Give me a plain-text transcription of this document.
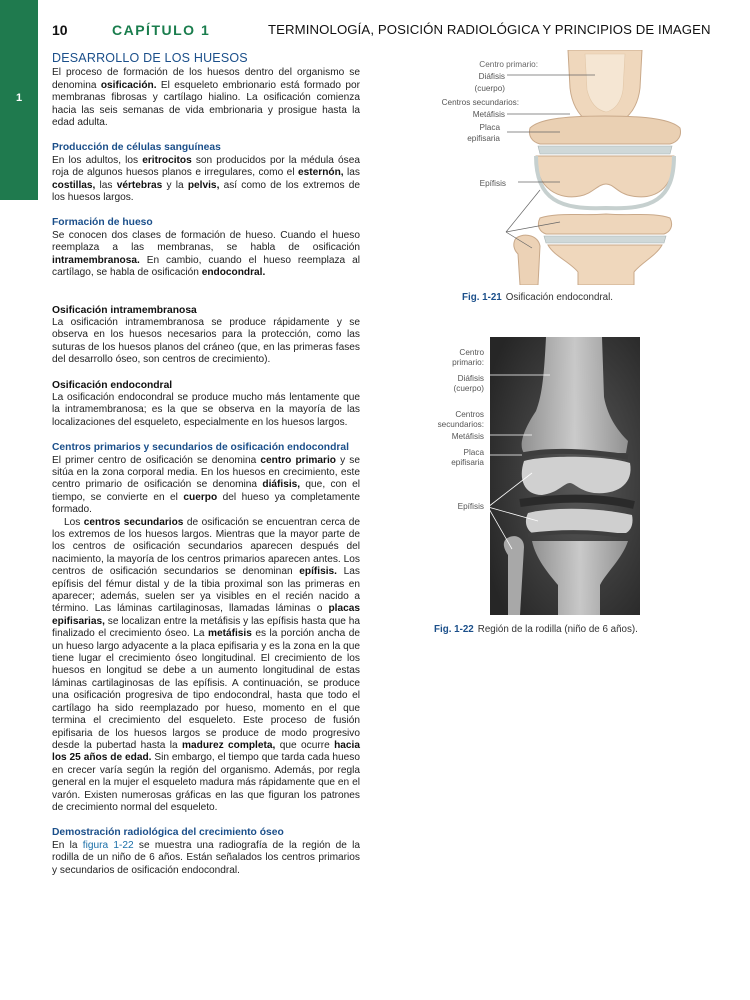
1
10	CAPÍTULO 1	TERMINOLOGÍA, POSICIÓN RADIOLÓGICA Y PRINCIPIOS DE IMAGEN
DESARROLLO DE LOS HUESOS

El proceso de formación de los huesos dentro del organismo se denomina osificación. El esqueleto embrionario está formado por membranas fibrosas y cartílago hialino. La osificación comienza hacia las seis semanas de vida embrionaria y prosigue hasta la edad adulta.

Producción de células sanguíneas

En los adultos, los eritrocitos son producidos por la médula ósea roja de algunos huesos planos e irregulares, como el esternón, las costillas, las vértebras y la pelvis, así como de los extremos de los huesos largos.

Formación de hueso

Se conocen dos clases de formación de hueso. Cuando el hueso reemplaza a las membranas, se habla de osificación intramembranosa. En cambio, cuando el hueso reemplaza al cartílago, se habla de osificación endocondral.

Osificación intramembranosa

La osificación intramembranosa se produce rápidamente y se observa en los huesos necesarios para la protección, como las suturas de los huesos planos del cráneo (que, en las primeras fases del desarrollo óseo, son centros de crecimiento).

Osificación endocondral

La osificación endocondral se produce mucho más lentamente que la intramembranosa; es la que se observa en la mayoría de las localizaciones del esqueleto, especialmente en los huesos largos.

Centros primarios y secundarios de osificación endocondral

El primer centro de osificación se denomina centro primario y se sitúa en la zona corporal media. En los huesos en crecimiento, este centro primario de osificación se denomina diáfisis, que, con el tiempo, se convierte en el cuerpo del hueso ya completamente formado.

Los centros secundarios de osificación se encuentran cerca de los extremos de los huesos largos. Mientras que la mayor parte de los centros de osificación secundarios aparecen después del nacimiento, la mayoría de los centros primarios aparecen antes. Los centros de osificación secundarios se denominan epífisis. Las epífisis del fémur distal y de la tibia proximal son las primeras en aparecer; además, suelen ser ya visibles en el recién nacido a término. Las láminas cartilaginosas, llamadas láminas o placas epifisarias, se localizan entre la metáfisis y las epífisis hasta que ha finalizado el crecimiento óseo. La metáfisis es la porción ancha de un hueso largo adyacente a la placa epifisaria y es la zona en la que tiene lugar el crecimiento óseo longitudinal. El crecimiento de los huesos en longitud se debe a un aumento longitudinal de estas láminas cartilaginosas de las epífisis. A continuación, se produce una osificación progresiva de tipo endocondral, hasta que todo el cartílago ha sido reemplazado por hueso, momento en el que termina el crecimiento del esqueleto. Este proceso de fusión epifisaria de los huesos largos se produce de modo progresivo desde la pubertad hasta la madurez completa, que ocurre hacia los 25 años de edad. Sin embargo, el tiempo que tarda cada hueso en crecer varía según la región del organismo. Además, por regla general en la mujer el esqueleto madura más rápidamente que en el varón. Existen numerosas gráficas en las que figuran los patrones de crecimiento normal del esqueleto.

Demostración radiológica del crecimiento óseo

En la figura 1-22 se muestra una radiografía de la región de la rodilla de un niño de 6 años. Están señalados los centros primarios y secundarios de osificación endocondral.

Centro primario:
Diáfisis
(cuerpo)
Centros secundarios:
Metáfisis
Placa
epifisaria
Epífisis
Fig. 1-21 Osificación endocondral.
Centro
primario:
Diáfisis
(cuerpo)
Centros
secundarios:
Metáfisis
Placa
epifisaria
Epífisis
Fig. 1-22 Región de la rodilla (niño de 6 años).
